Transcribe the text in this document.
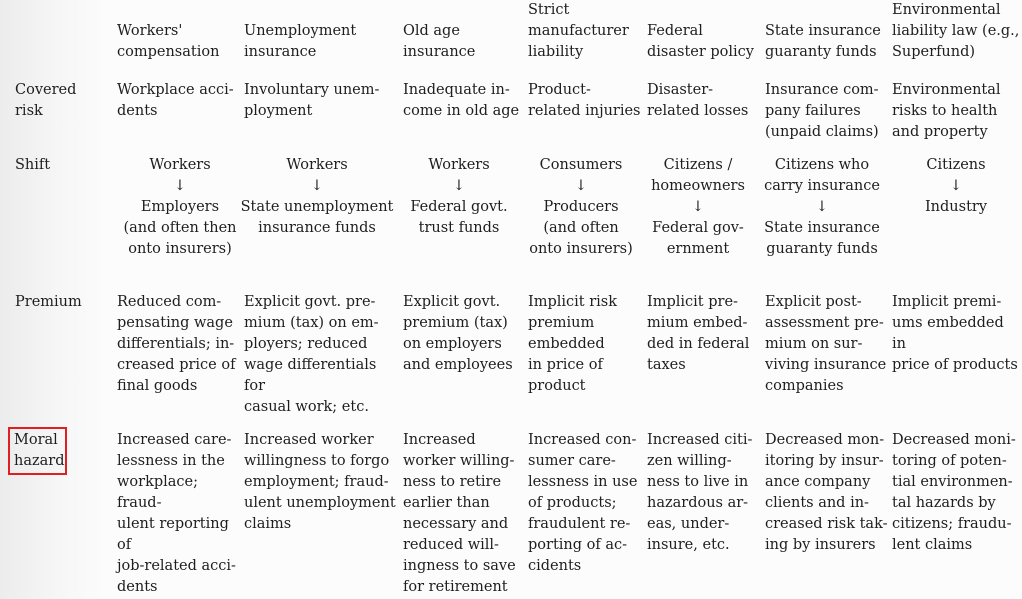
Workers'
compensation
Unemployment
insurance
Old age
insurance
Strict
manufacturer
liability
Federal
disaster policy
State insurance
guaranty funds
Environmental
liability law (e.g.,
Superfund)
Covered
risk
Workplace acci-
dents
Involuntary unem-
ployment
Inadequate in-
come in old age
Product-
related injuries
Disaster-
related losses
Insurance com-
pany failures
(unpaid claims)
Environmental
risks to health
and property
Shift	Workers
↓
Employers
(and often then
onto insurers)
Workers
↓
State unemployment
insurance funds
Workers
↓
Federal govt.
trust funds
Consumers
↓
Producers
(and often
onto insurers)
Citizens /
homeowners
↓
Federal gov-
ernment
Citizens who
carry insurance
↓
State insurance
guaranty funds
Citizens
↓
Industry
Premium	Reduced com-
pensating wage
differentials; in-
creased price of
final goods
Explicit govt. pre-
mium (tax) on em-
ployers; reduced
wage differentials for
casual work; etc.
Explicit govt.
premium (tax)
on employers
and employees
Implicit risk
premium
embedded
in price of
product
Implicit pre-
mium embed-
ded in federal
taxes
Explicit post-
assessment pre-
mium on sur-
viving insurance
companies
Implicit premi-
ums embedded in
price of products
Moral
hazard
Increased care-
lessness in the
workplace; fraud-
ulent reporting of
job-related acci-
dents
Increased worker
willingness to forgo
employment; fraud-
ulent unemployment
claims
Increased
worker willing-
ness to retire
earlier than
necessary and
reduced will-
ingness to save
for retirement
Increased con-
sumer care-
lessness in use
of products;
fraudulent re-
porting of ac-
cidents
Increased citi-
zen willing-
ness to live in
hazardous ar-
eas, under-
insure, etc.
Decreased mon-
itoring by insur-
ance company
clients and in-
creased risk tak-
ing by insurers
Decreased moni-
toring of poten-
tial environmen-
tal hazards by
citizens; fraudu-
lent claims
